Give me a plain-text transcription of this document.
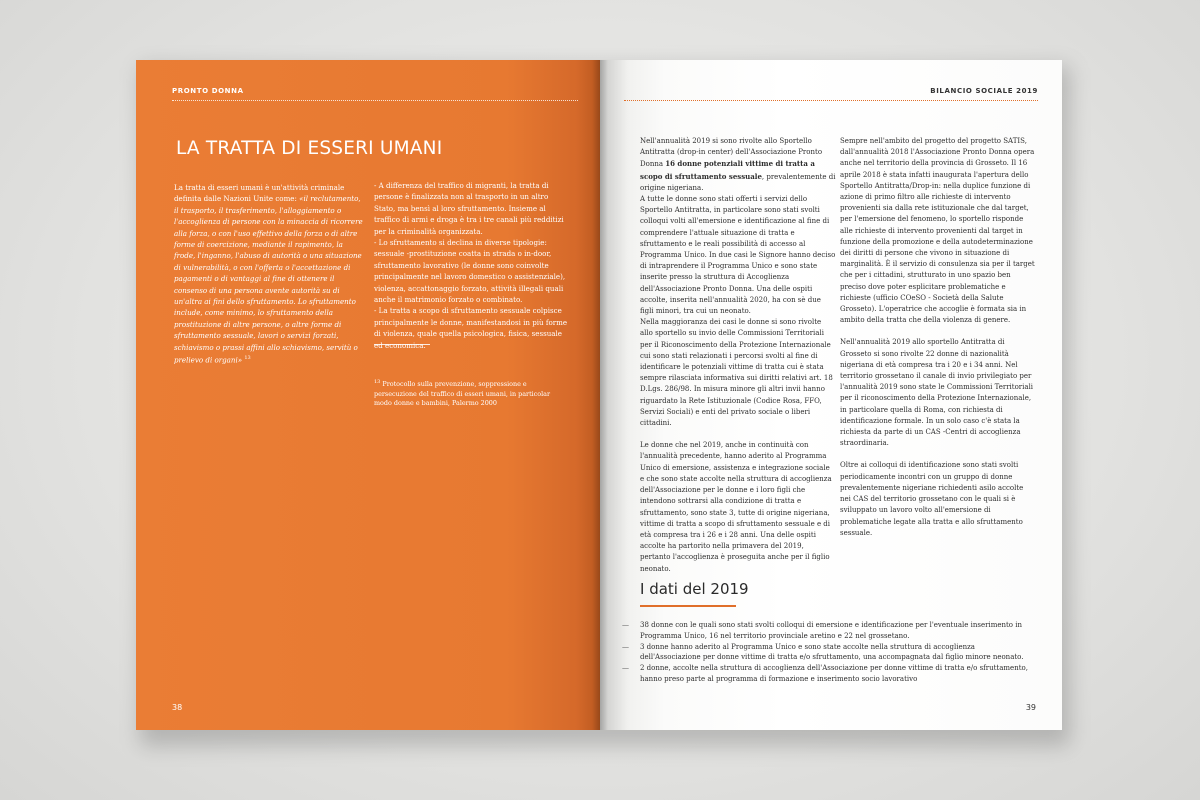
PRONTO DONNA
LA TRATTA DI ESSERI UMANI
La tratta di esseri umani è un'attività criminale definita dalle Nazioni Unite come: «il reclutamento, il trasporto, il trasferimento, l'alloggiamento o l'accoglienza di persone con la minaccia di ricorrere alla forza, o con l'uso effettivo della forza o di altre forme di coercizione, mediante il rapimento, la frode, l'inganno, l'abuso di autorità o una situazione di vulnerabilità, o con l'offerta o l'accettazione di pagamenti o di vantaggi al fine di ottenere il consenso di una persona avente autorità su di un'altra ai fini dello sfruttamento. Lo sfruttamento include, come minimo, lo sfruttamento della prostituzione di altre persone, o altre forme di sfruttamento sessuale, lavori o servizi forzati, schiavismo o prassi affini allo schiavismo, servitù o prelievo di organi» $^{13}$
- A differenza del traffico di migranti, la tratta di persone è finalizzata non al trasporto in un altro Stato, ma bensì al loro sfruttamento. Insieme al traffico di armi e droga è tra i tre canali più redditizi per la criminalità organizzata.
- Lo sfruttamento si declina in diverse tipologie: sessuale -prostituzione coatta in strada o in-door, sfruttamento lavorativo (le donne sono coinvolte principalmente nel lavoro domestico o assistenziale), violenza, accattonaggio forzato, attività illegali quali anche il matrimonio forzato o combinato.
- La tratta a scopo di sfruttamento sessuale colpisce principalmente le donne, manifestandosi in più forme di violenza, quale quella psicologica, fisica, sessuale ed economica.
$^{13}$ Protocollo sulla prevenzione, soppressione e persecuzione del traffico di esseri umani, in particolar modo donne e bambini, Palermo 2000
38
BILANCIO SOCIALE 2019

Nell'annualità 2019 si sono rivolte allo Sportello Antitratta (drop-in center) dell'Associazione Pronto Donna 16 donne potenziali vittime di tratta a scopo di sfruttamento sessuale, prevalentemente di origine nigeriana.
A tutte le donne sono stati offerti i servizi dello Sportello Antitratta, in particolare sono stati svolti colloqui volti all'emersione e identificazione al fine di comprendere l'attuale situazione di tratta e sfruttamento e le reali possibilità di accesso al Programma Unico. In due casi le Signore hanno deciso di intraprendere il Programma Unico e sono state inserite presso la struttura di Accoglienza dell'Associazione Pronto Donna. Una delle ospiti accolte, inserita nell'annualità 2020, ha con sè due figli minori, tra cui un neonato.
Nella maggioranza dei casi le donne si sono rivolte allo sportello su invio delle Commissioni Territoriali per il Riconoscimento della Protezione Internazionale cui sono stati relazionati i percorsi svolti al fine di identificare le potenziali vittime di tratta cui è stata sempre rilasciata informativa sui diritti relativi art. 18 D.Lgs. 286/98. In misura minore gli altri invii hanno riguardato la Rete Istituzionale (Codice Rosa, FFO, Servizi Sociali) e enti del privato sociale o liberi cittadini.

Le donne che nel 2019, anche in continuità con l'annualità precedente, hanno aderito al Programma Unico di emersione, assistenza e integrazione sociale e che sono state accolte nella struttura di accoglienza dell'Associazione per le donne e i loro figli che intendono sottrarsi alla condizione di tratta e sfruttamento, sono state 3, tutte di origine nigeriana, vittime di tratta a scopo di sfruttamento sessuale e di età compresa tra i 26 e i 28 anni. Una delle ospiti accolte ha partorito nella primavera del 2019, pertanto l'accoglienza è proseguita anche per il figlio neonato.

Sempre nell'ambito del progetto del progetto SATIS, dall'annualità 2018 l'Associazione Pronto Donna opera anche nel territorio della provincia di Grosseto. Il 16 aprile 2018 è stata infatti inaugurata l'apertura dello Sportello Antitratta/Drop-in: nella duplice funzione di azione di primo filtro alle richieste di intervento provenienti sia dalla rete istituzionale che dal target, per l'emersione del fenomeno, lo sportello risponde alle richieste di intervento provenienti dal target in funzione della promozione e della autodeterminazione dei diritti di persone che vivono in situazione di marginalità. È il servizio di consulenza sia per il target che per i cittadini, strutturato in uno spazio ben preciso dove poter esplicitare problematiche e richieste (ufficio COeSO - Società della Salute Grosseto). L'operatrice che accoglie è formata sia in ambito della tratta che della violenza di genere.

Nell'annualità 2019 allo sportello Antitratta di Grosseto si sono rivolte 22 donne di nazionalità nigeriana di età compresa tra i 20 e i 34 anni. Nel territorio grossetano il canale di invio privilegiato per l'annualità 2019 sono state le Commissioni Territoriali per il riconoscimento della Protezione Internazionale, in particolare quella di Roma, con richiesta di identificazione formale. In un solo caso c'è stata la richiesta da parte di un CAS -Centri di accoglienza straordinaria.

Oltre ai colloqui di identificazione sono stati svolti periodicamente incontri con un gruppo di donne prevalentemente nigeriane richiedenti asilo accolte nei CAS del territorio grossetano con le quali si è sviluppato un lavoro volto all'emersione di problematiche legate alla tratta e allo sfruttamento sessuale.

I dati del 2019
— 38 donne con le quali sono stati svolti colloqui di emersione e identificazione per l'eventuale inserimento in Programma Unico, 16 nel territorio provinciale aretino e 22 nel grossetano.
— 3 donne hanno aderito al Programma Unico e sono state accolte nella struttura di accoglienza dell'Associazione per donne vittime di tratta e/o sfruttamento, una accompagnata dal figlio minore neonato.
— 2 donne, accolte nella struttura di accoglienza dell'Associazione per donne vittime di tratta e/o sfruttamento, hanno preso parte al programma di formazione e inserimento socio lavorativo
39
